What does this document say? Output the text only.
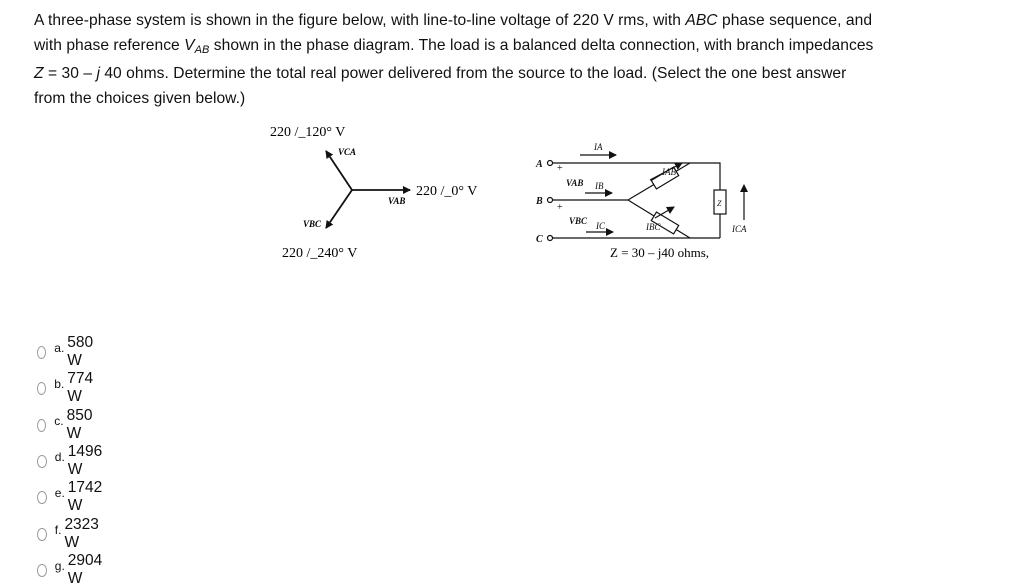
A three-phase system is shown in the figure below, with line-to-line voltage of 220 V rms, with ABC phase sequence, and
with phase reference $V_{AB}$ shown in the phase diagram. The load is a balanced delta connection, with branch impedances
Z = 30 – j 40 ohms. Determine the total real power delivered from the source to the load. (Select the one best answer
from the choices given below.)
220 /_120° V
VCA
220 /_0° V
VAB
VBC
220 /_240° V
A
B
C
+
+
IA
VAB IB
VBC IC
IAB
IBC
Z
ICA
Z = 30 – j40 ohms,
a. 580 W
b. 774 W
c. 850 W
d. 1496 W
e. 1742 W
f. 2323 W
g. 2904 W
